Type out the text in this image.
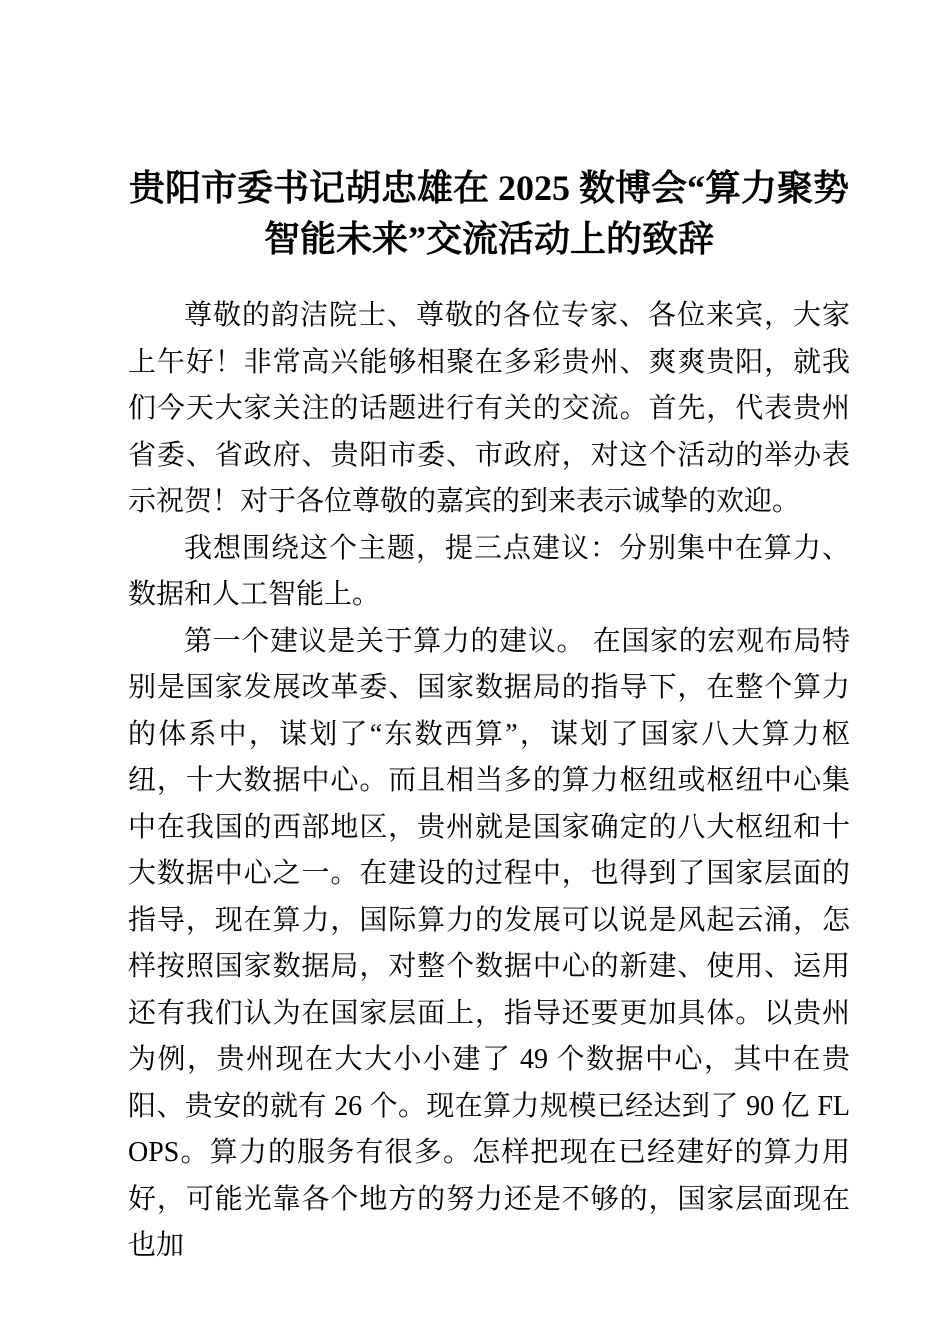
贵阳市委书记胡忠雄在 2025 数博会“算力聚势智能未来”交流活动上的致辞

尊敬的韵洁院士、尊敬的各位专家、各位来宾，大家上午好！非常高兴能够相聚在多彩贵州、爽爽贵阳，就我们今天大家关注的话题进行有关的交流。首先，代表贵州省委、省政府、贵阳市委、市政府，对这个活动的举办表示祝贺！对于各位尊敬的嘉宾的到来表示诚挚的欢迎。

我想围绕这个主题，提三点建议：分别集中在算力、数据和人工智能上。

第一个建议是关于算力的建议。 在国家的宏观布局特别是国家发展改革委、国家数据局的指导下，在整个算力的体系中，谋划了“东数西算”，谋划了国家八大算力枢纽，十大数据中心。而且相当多的算力枢纽或枢纽中心集中在我国的西部地区，贵州就是国家确定的八大枢纽和十大数据中心之一。在建设的过程中，也得到了国家层面的指导，现在算力，国际算力的发展可以说是风起云涌，怎样按照国家数据局，对整个数据中心的新建、使用、运用还有我们认为在国家层面上，指导还要更加具体。以贵州为例，贵州现在大大小小建了 49 个数据中心，其中在贵阳、贵安的就有 26 个。现在算力规模已经达到了 90 亿 FLOPS。算力的服务有很多。怎样把现在已经建好的算力用好，可能光靠各个地方的努力还是不够的，国家层面现在也加
